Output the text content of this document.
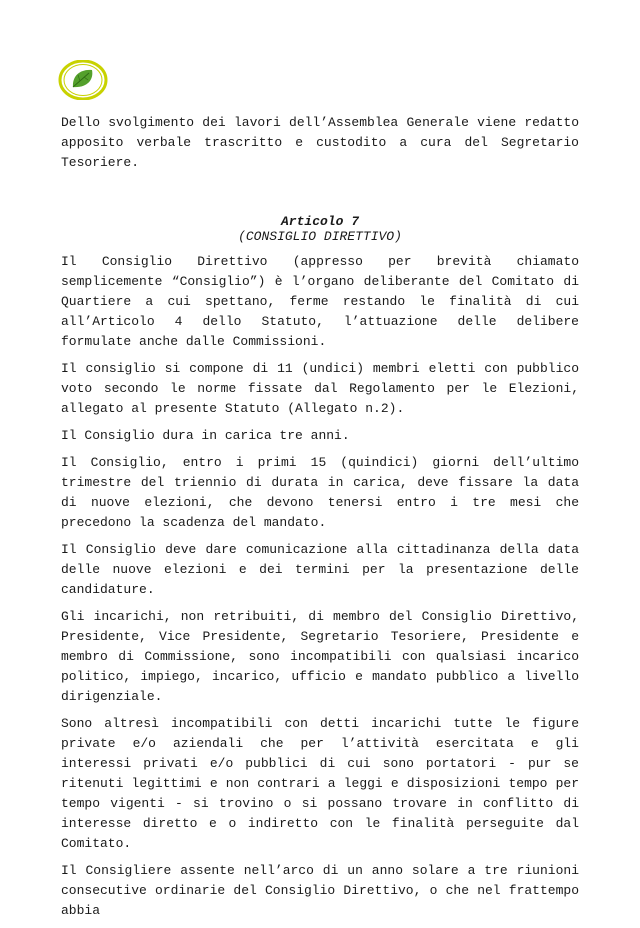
Dello svolgimento dei lavori dell’Assemblea Generale viene redatto apposito verbale trascritto e custodito a cura del Segretario Tesoriere.

Articolo 7
(CONSIGLIO DIRETTIVO)

Il Consiglio Direttivo (appresso per brevità chiamato semplicemente “Consiglio”) è l’organo deliberante del Comitato di Quartiere a cui spettano, ferme restando le finalità di cui all’Articolo 4 dello Statuto, l’attuazione delle delibere formulate anche dalle Commissioni.

Il consiglio si compone di 11 (undici) membri eletti con pubblico voto secondo le norme fissate dal Regolamento per le Elezioni, allegato al presente Statuto (Allegato n.2).

Il Consiglio dura in carica tre anni.

Il Consiglio, entro i primi 15 (quindici) giorni dell’ultimo trimestre del triennio di durata in carica, deve fissare la data di nuove elezioni, che devono tenersi entro i tre mesi che precedono la scadenza del mandato.

Il Consiglio deve dare comunicazione alla cittadinanza della data delle nuove elezioni e dei termini per la presentazione delle candidature.

Gli incarichi, non retribuiti, di membro del Consiglio Direttivo, Presidente, Vice Presidente, Segretario Tesoriere, Presidente e membro di Commissione, sono incompatibili con qualsiasi incarico politico, impiego, incarico, ufficio e mandato pubblico a livello dirigenziale.

Sono altresì incompatibili con detti incarichi tutte le figure private e/o aziendali che per l’attività esercitata e gli interessi privati e/o pubblici di cui sono portatori - pur se ritenuti legittimi e non contrari a leggi e disposizioni tempo per tempo vigenti - si trovino o si possano trovare in conflitto di interesse diretto e o indiretto con le finalità perseguite dal Comitato.

Il Consigliere assente nell’arco di un anno solare a tre riunioni consecutive ordinarie del Consiglio Direttivo, o che nel frattempo abbia
